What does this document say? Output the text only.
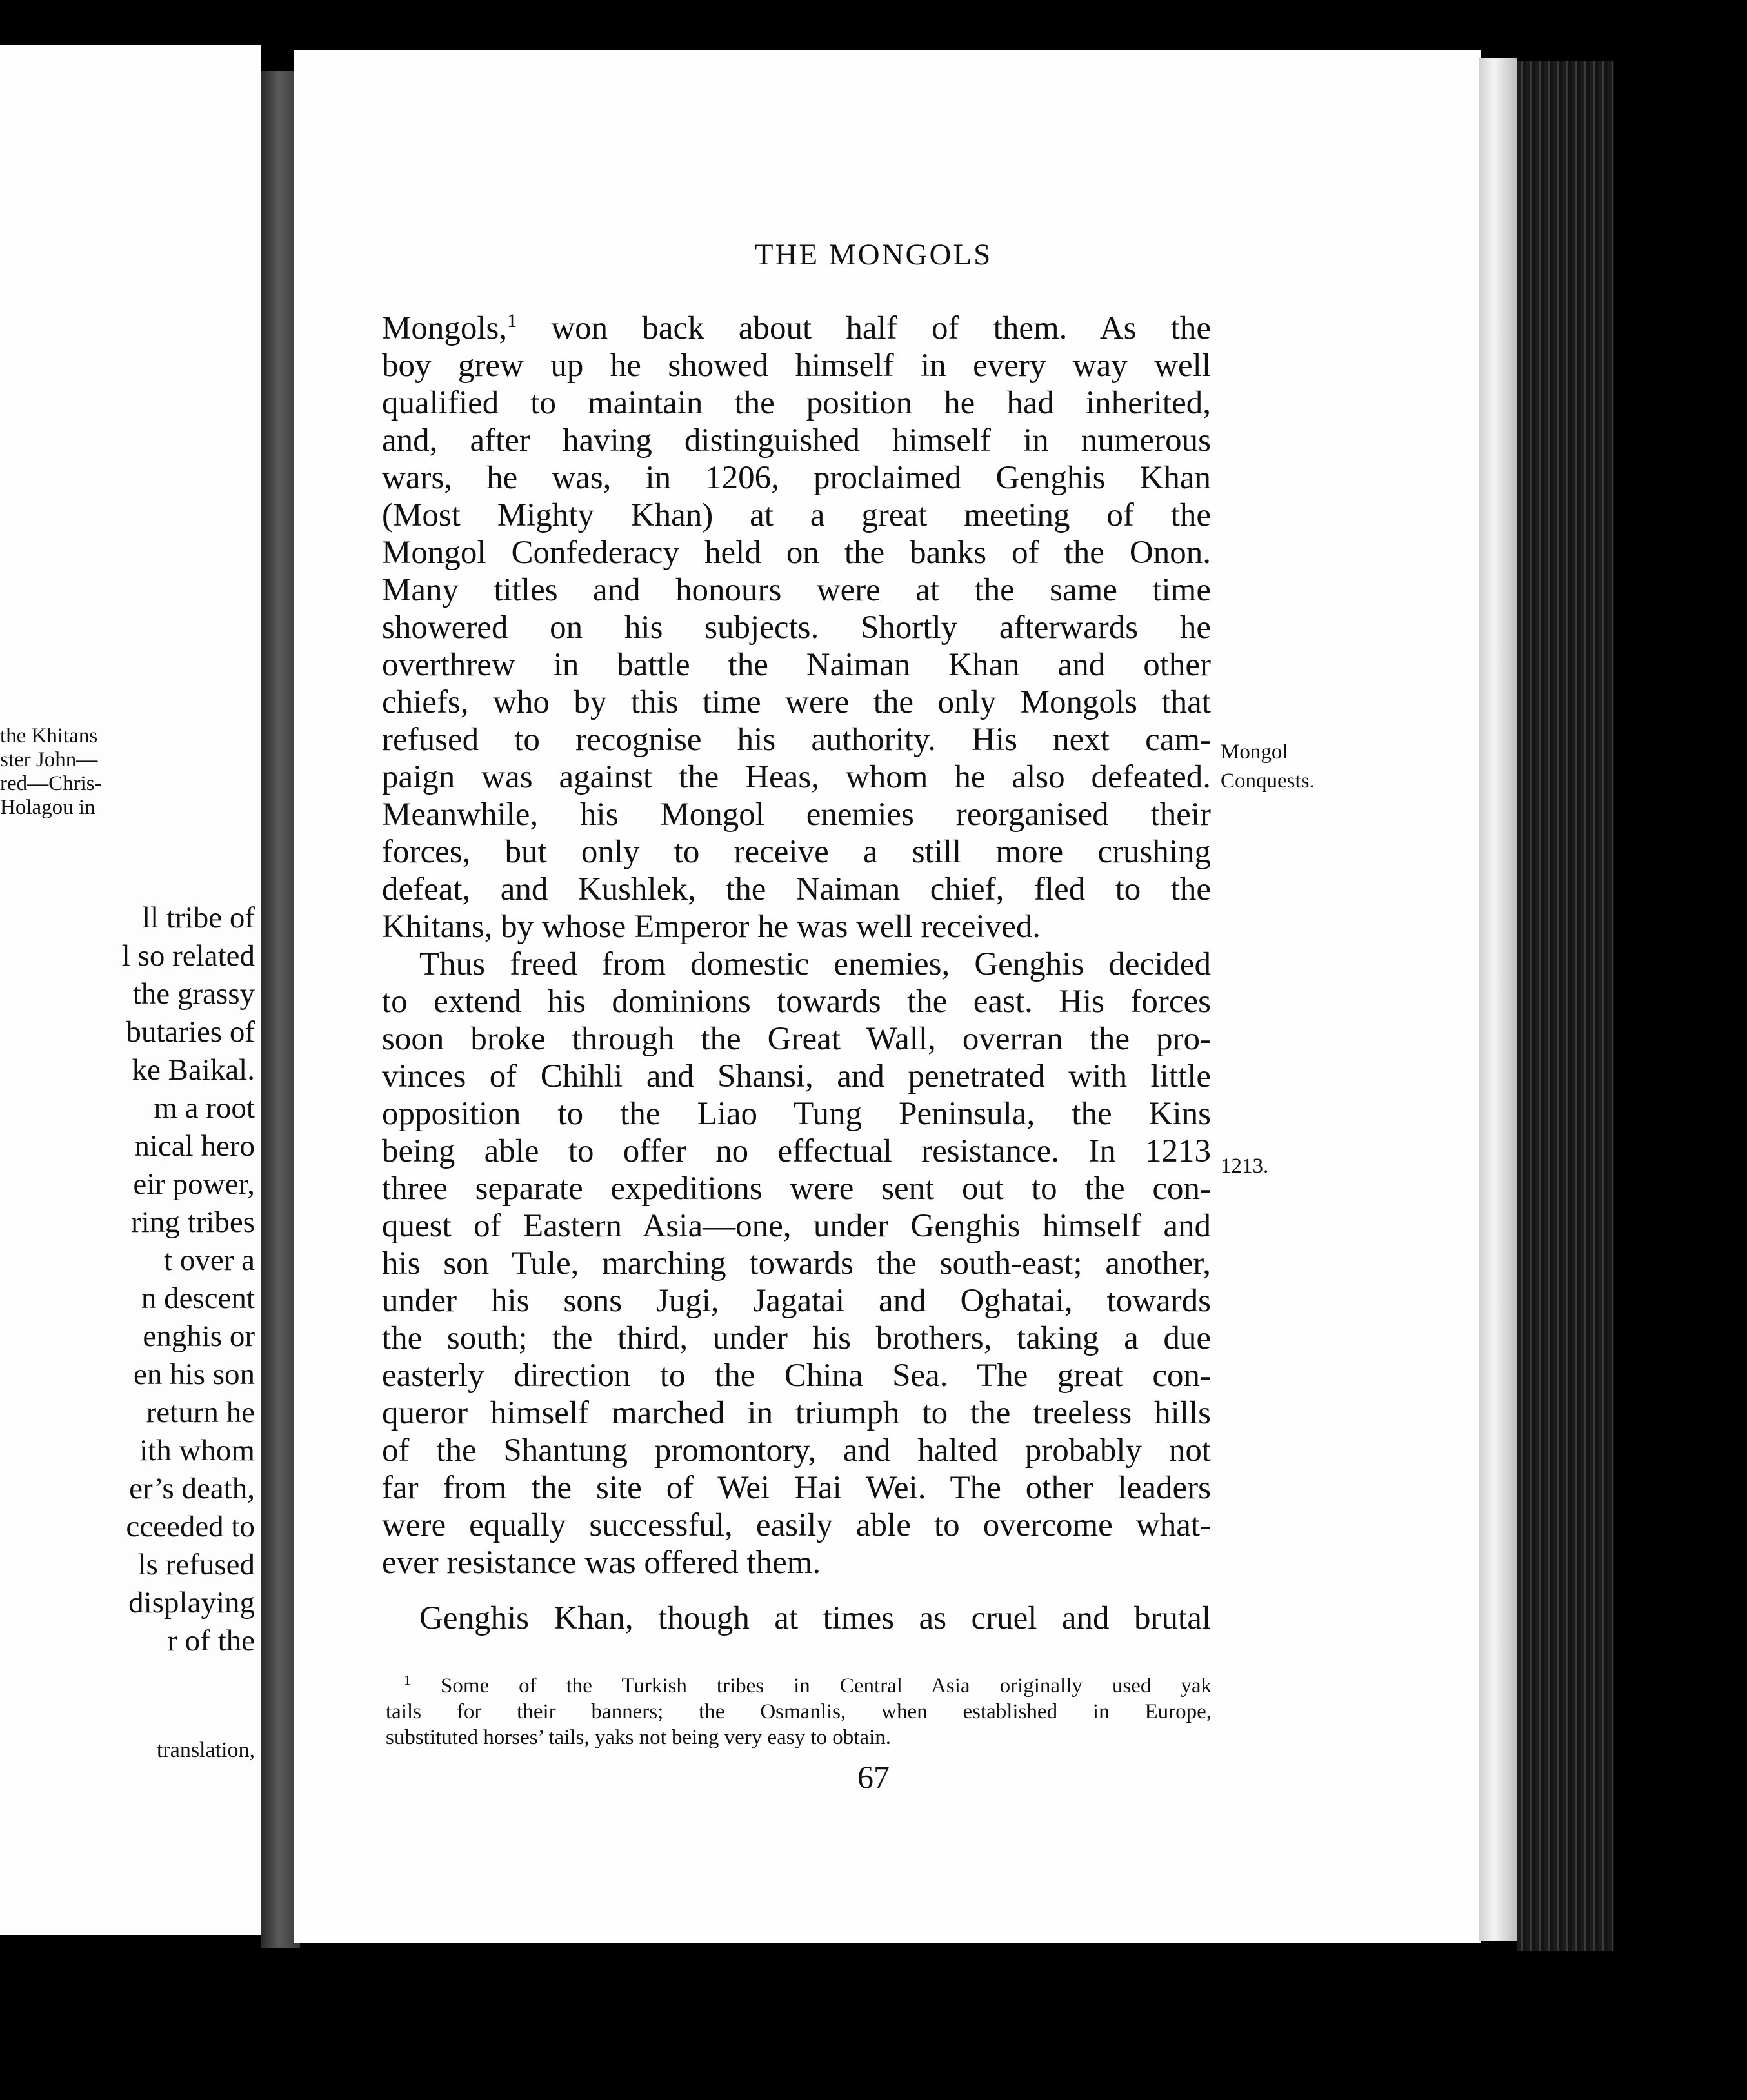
the Khitans
ster John—
red—Chris-
Holagou in
ll tribe of
l so related
the grassy
butaries of
ke Baikal.
m a root
nical hero
eir power,
ring tribes
t over a
n descent
enghis or
en his son
return he
ith whom
er’s death,
cceeded to
ls refused
displaying
r of the
translation,
THE MONGOLS
Mongols,$^1$ won back about half of them. As the
boy grew up he showed himself in every way well
qualified to maintain the position he had inherited,
and, after having distinguished himself in numerous
wars, he was, in 1206, proclaimed Genghis Khan
(Most Mighty Khan) at a great meeting of the
Mongol Confederacy held on the banks of the Onon.
Many titles and honours were at the same time
showered on his subjects. Shortly afterwards he
overthrew in battle the Naiman Khan and other
chiefs, who by this time were the only Mongols that
refused to recognise his authority. His next cam-
paign was against the Heas, whom he also defeated.
Meanwhile, his Mongol enemies reorganised their
forces, but only to receive a still more crushing
defeat, and Kushlek, the Naiman chief, fled to the
Khitans, by whose Emperor he was well received.
Thus freed from domestic enemies, Genghis decided
to extend his dominions towards the east. His forces
soon broke through the Great Wall, overran the pro-
vinces of Chihli and Shansi, and penetrated with little
opposition to the Liao Tung Peninsula, the Kins
being able to offer no effectual resistance. In 1213
three separate expeditions were sent out to the con-
quest of Eastern Asia—one, under Genghis himself and
his son Tule, marching towards the south-east; another,
under his sons Jugi, Jagatai and Oghatai, towards
the south; the third, under his brothers, taking a due
easterly direction to the China Sea. The great con-
queror himself marched in triumph to the treeless hills
of the Shantung promontory, and halted probably not
far from the site of Wei Hai Wei. The other leaders
were equally successful, easily able to overcome what-
ever resistance was offered them.
Genghis Khan, though at times as cruel and brutal
Mongol
Conquests.
1213.
$^1$ Some of the Turkish tribes in Central Asia originally used yak
tails for their banners; the Osmanlis, when established in Europe,
substituted horses’ tails, yaks not being very easy to obtain.
67
